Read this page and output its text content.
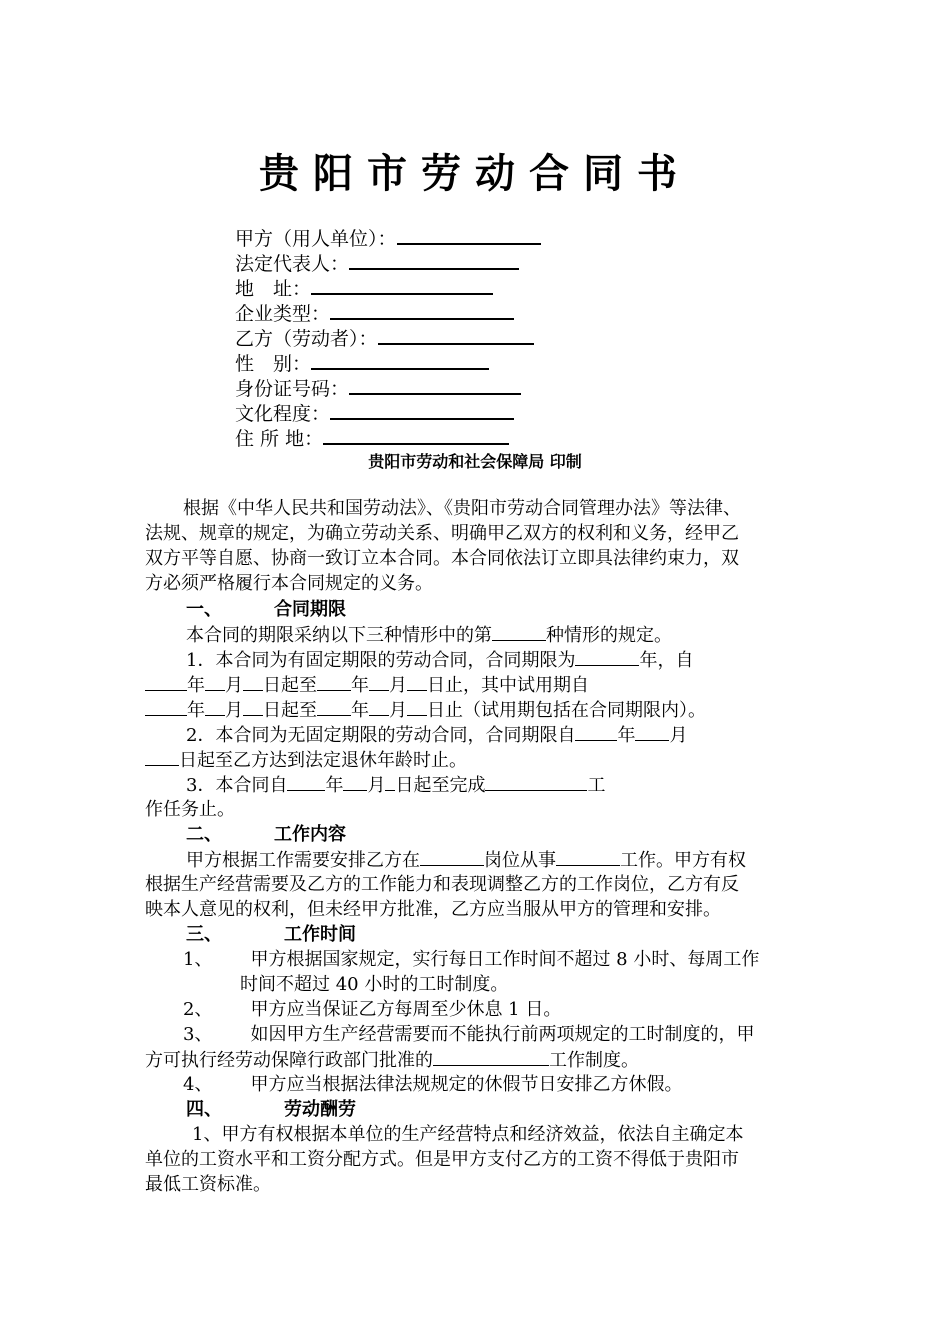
贵阳市劳动合同书
甲方（用人单位）：
法定代表人：
地　址：
企业类型：
乙方（劳动者）：
性　别：
身份证号码：
文化程度：
住 所 地：
贵阳市劳动和社会保障局 印制
根据《中华人民共和国劳动法》、《贵阳市劳动合同管理办法》等法律、
法规、规章的规定，为确立劳动关系、明确甲乙双方的权利和义务，经甲乙
双方平等自愿、协商一致订立本合同。本合同依法订立即具法律约束力，双
方必须严格履行本合同规定的义务。
一、	合同期限
本合同的期限采纳以下三种情形中的第	种情形的规定。
1．本合同为有固定期限的劳动合同，合同期限为	年，自
年 月 日起至 年 月 日止，其中试用期自
年 月 日起至 年 月 日止（试用期包括在合同期限内）。
2．本合同为无固定期限的劳动合同，合同期限自 年 月
日起至乙方达到法定退休年龄时止。
3．本合同自 年 月 日起至完成	工
作任务止。
二、	工作内容
甲方根据工作需要安排乙方在	岗位从事	工作。甲方有权
根据生产经营需要及乙方的工作能力和表现调整乙方的工作岗位，乙方有反
映本人意见的权利，但未经甲方批准，乙方应当服从甲方的管理和安排。
三、	工作时间
1、 甲方根据国家规定，实行每日工作时间不超过 8 小时、每周工作
时间不超过 40 小时的工时制度。
2、 甲方应当保证乙方每周至少休息 1 日。
3、 如因甲方生产经营需要而不能执行前两项规定的工时制度的，甲
方可执行经劳动保障行政部门批准的	工作制度。
4、 甲方应当根据法律法规规定的休假节日安排乙方休假。
四、	劳动酬劳
1、甲方有权根据本单位的生产经营特点和经济效益，依法自主确定本
单位的工资水平和工资分配方式。但是甲方支付乙方的工资不得低于贵阳市
最低工资标准。
